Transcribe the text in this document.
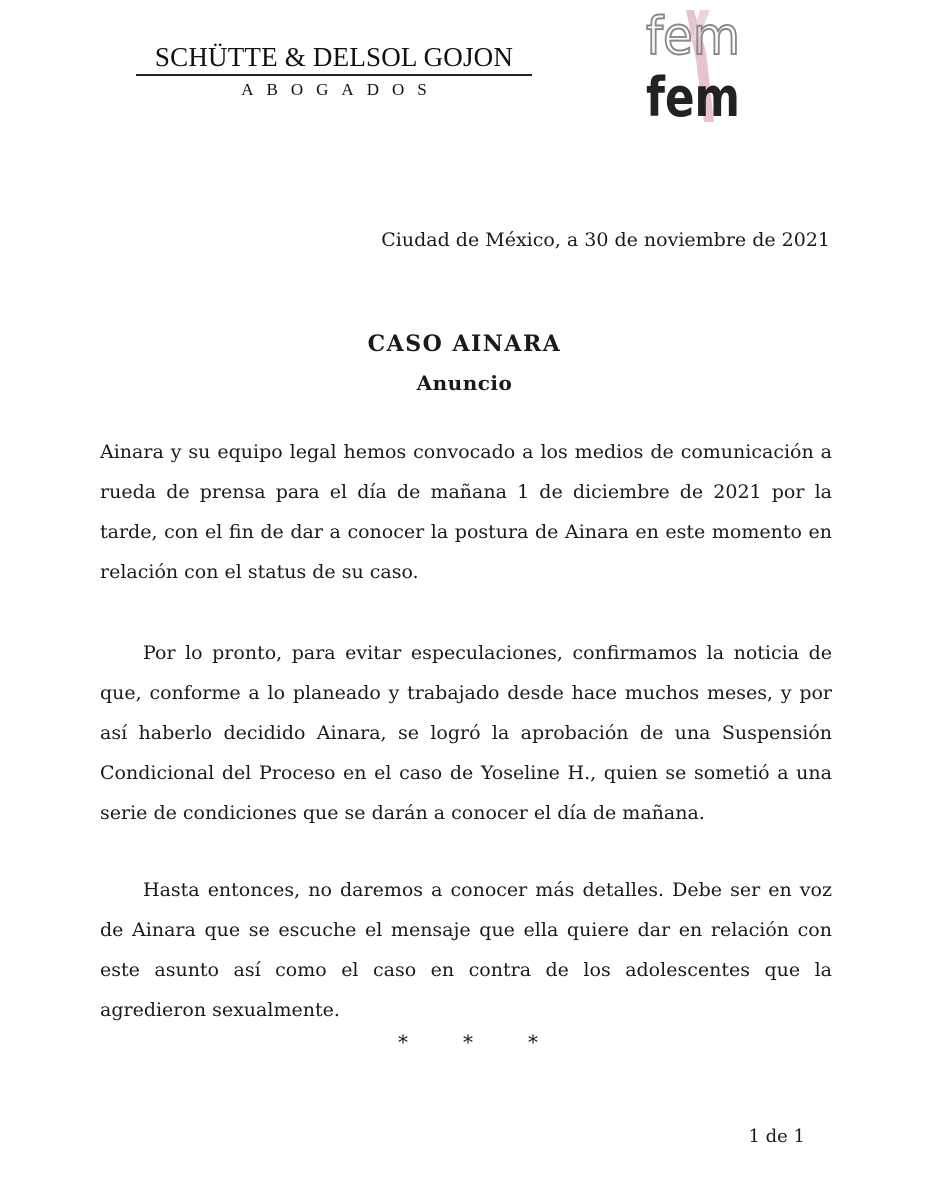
SCHÜTTE & DELSOL GOJON
ABOGADOS
fem
fem
Ciudad de México, a 30 de noviembre de 2021
CASO AINARA
Anuncio

Ainara y su equipo legal hemos convocado a los medios de comunicación a rueda de prensa para el día de mañana 1 de diciembre de 2021 por la tarde, con el fin de dar a conocer la postura de Ainara en este momento en relación con el status de su caso.

Por lo pronto, para evitar especulaciones, confirmamos la noticia de que, conforme a lo planeado y trabajado desde hace muchos meses, y por así haberlo decidido Ainara, se logró la aprobación de una Suspensión Condicional del Proceso en el caso de Yoseline H., quien se sometió a una serie de condiciones que se darán a conocer el día de mañana.

Hasta entonces, no daremos a conocer más detalles. Debe ser en voz de Ainara que se escuche el mensaje que ella quiere dar en relación con este asunto así como el caso en contra de los adolescentes que la agredieron sexualmente.

*	*	*
1 de 1
